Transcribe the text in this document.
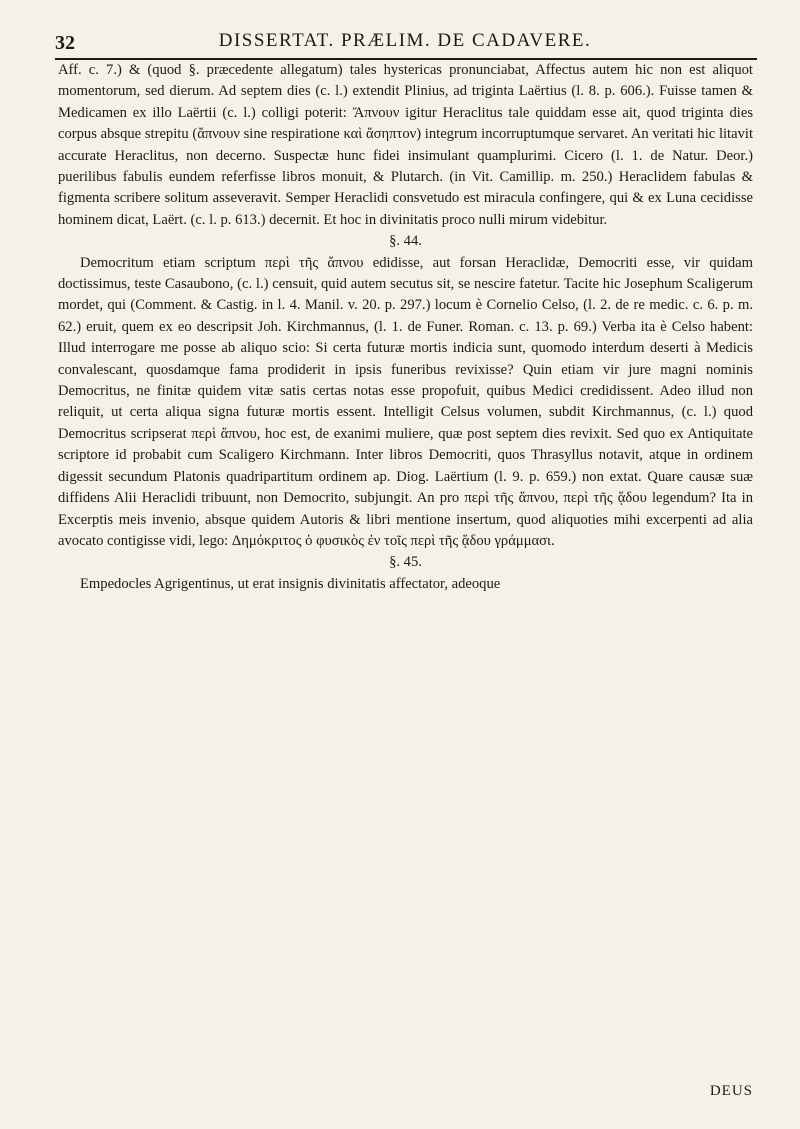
32	DISSERTAT. PRÆLIM. DE CADAVERE.

Aff. c. 7.) & (quod §. præcedente allegatum) tales hystericas pronunciabat, Affectus autem hic non est aliquot momentorum, sed dierum. Ad septem dies (c. l.) extendit Plinius, ad triginta Laërtius (l. 8. p. 606.). Fuisse tamen & Medicamen ex illo Laërtii (c. l.) colligi poterit: Ἄπνουν igitur Heraclitus tale quiddam esse ait, quod triginta dies corpus absque strepitu (ἄπνουν sine respiratione καὶ ἄσηπτον) integrum incorruptumque servaret. An veritati hic litavit accurate Heraclitus, non decerno. Suspectæ hunc fidei insimulant quamplurimi. Cicero (l. 1. de Natur. Deor.) puerilibus fabulis eundem referfisse libros monuit, & Plutarch. (in Vit. Camillip. m. 250.) Heraclidem fabulas & figmenta scribere solitum asseveravit. Semper Heraclidi consvetudo est miracula confingere, qui & ex Luna cecidisse hominem dicat, Laërt. (c. l. p. 613.) decernit. Et hoc in divinitatis proco nulli mirum videbitur.

§. 44.

Democritum etiam scriptum περὶ τῆς ἄπνου edidisse, aut forsan Heraclidæ, Democriti esse, vir quidam doctissimus, teste Casaubono, (c. l.) censuit, quid autem secutus sit, se nescire fatetur. Tacite hic Josephum Scaligerum mordet, qui (Comment. & Castig. in l. 4. Manil. v. 20. p. 297.) locum è Cornelio Celso, (l. 2. de re medic. c. 6. p. m. 62.) eruit, quem ex eo descripsit Joh. Kirchmannus, (l. 1. de Funer. Roman. c. 13. p. 69.) Verba ita è Celso habent: Illud interrogare me posse ab aliquo scio: Si certa futuræ mortis indicia sunt, quomodo interdum deserti à Medicis convalescant, quosdamque fama prodiderit in ipsis funeribus revixisse? Quin etiam vir jure magni nominis Democritus, ne finitæ quidem vitæ satis certas notas esse propofuit, quibus Medici credidissent. Adeo illud non reliquit, ut certa aliqua signa futuræ mortis essent. Intelligit Celsus volumen, subdit Kirchmannus, (c. l.) quod Democritus scripserat περὶ ἄπνου, hoc est, de exanimi muliere, quæ post septem dies revixit. Sed quo ex Antiquitate scriptore id probabit cum Scaligero Kirchmann. Inter libros Democriti, quos Thrasyllus notavit, atque in ordinem digessit secundum Platonis quadripartitum ordinem ap. Diog. Laërtium (l. 9. p. 659.) non extat. Quare causæ suæ diffidens Alii Heraclidi tribuunt, non Democrito, subjungit. An pro περὶ τῆς ἄπνου, περὶ τῆς ᾅδου legendum? Ita in Excerptis meis invenio, absque quidem Autoris & libri mentione insertum, quod aliquoties mihi excerpenti ad alia avocato contigisse vidi, lego: Δημόκριτος ὁ φυσικὸς ἐν τοῖς περὶ τῆς ᾅδου γράμμασι.

§. 45.

Empedocles Agrigentinus, ut erat insignis divinitatis affectator, adeoque

DEUS
